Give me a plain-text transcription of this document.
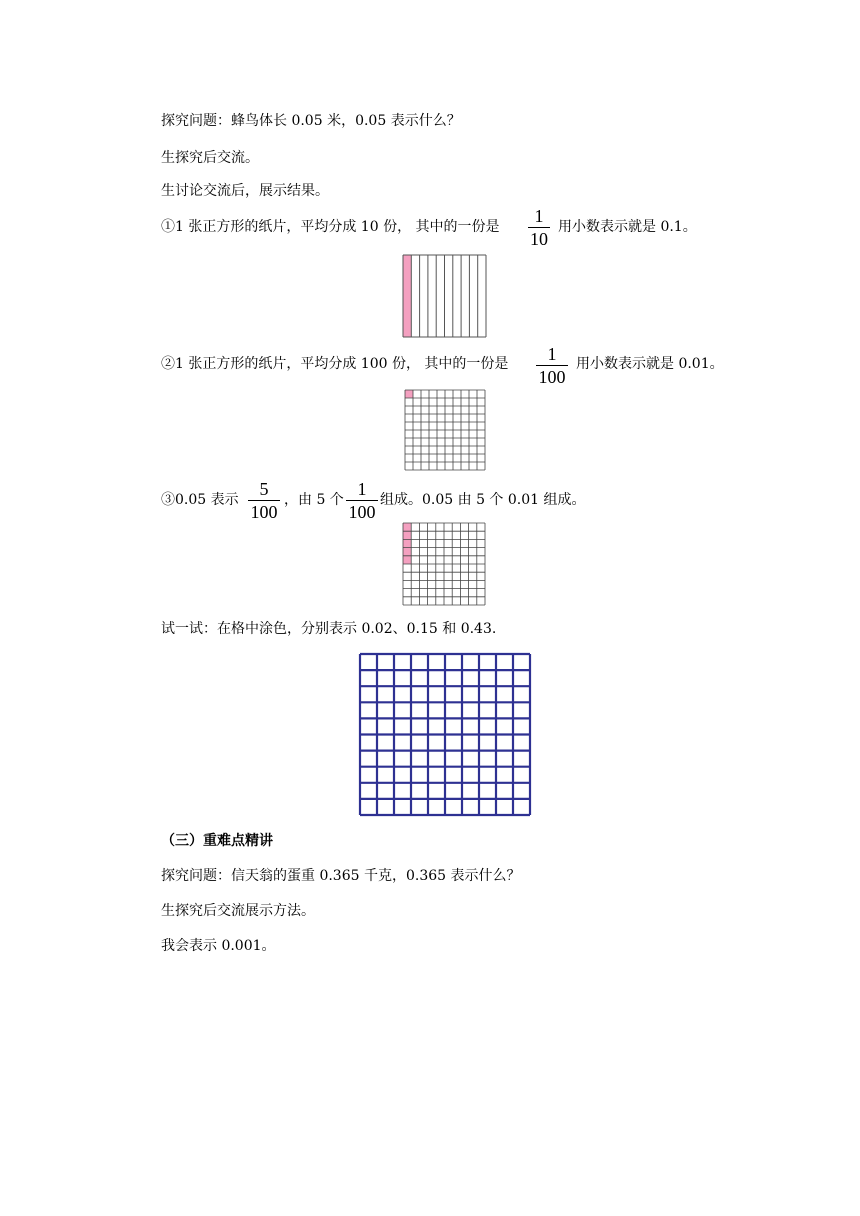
探究问题：蜂鸟体长 0.05 米，0.05 表示什么？
生探究后交流。
生讨论交流后，展示结果。
①1 张正方形的纸片，平均分成 10 份， 其中的一份是
1
10
用小数表示就是 0.1。
②1 张正方形的纸片，平均分成 100 份， 其中的一份是	1
100
用小数表示就是 0.01。
③0.05 表示
5
100
，由 5 个
1
100
组成。0.05 由 5 个 0.01 组成。
试一试：在格中涂色，分别表示 0.02、0.15 和 0.43.
（三）重难点精讲
探究问题：信天翁的蛋重 0.365 千克，0.365 表示什么？
生探究后交流展示方法。
我会表示 0.001。
